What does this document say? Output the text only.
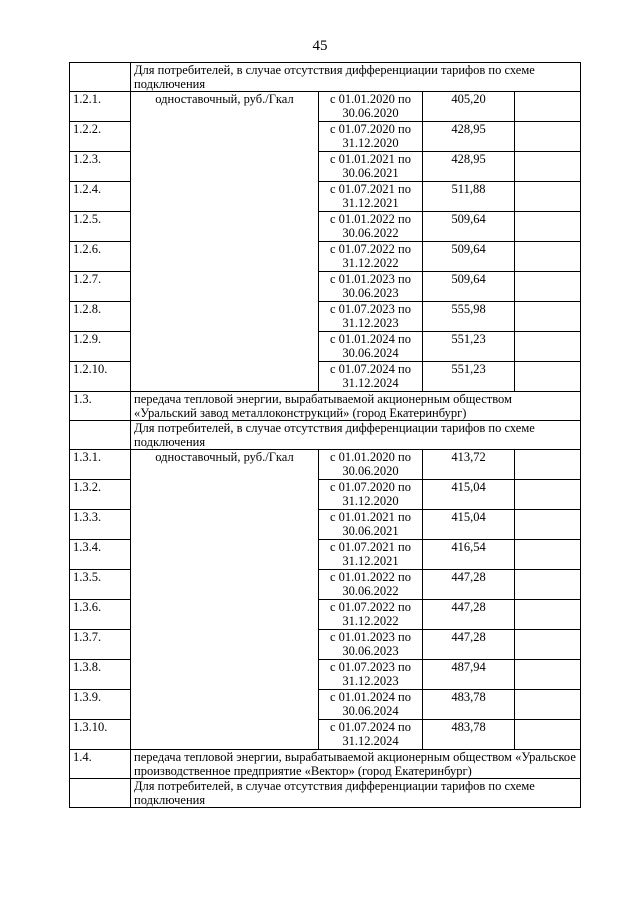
45
	Для потребителей, в случае отсутствия дифференциации тарифов по схеме подключения			
1.2.1.	одноставочный, руб./Гкал	с 01.01.2020 по 30.06.2020	405,20	
1.2.2.		с 01.07.2020 по 31.12.2020	428,95	
1.2.3.		с 01.01.2021 по 30.06.2021	428,95	
1.2.4.		с 01.07.2021 по 31.12.2021	511,88	
1.2.5.		с 01.01.2022 по 30.06.2022	509,64	
1.2.6.		с 01.07.2022 по 31.12.2022	509,64	
1.2.7.		с 01.01.2023 по 30.06.2023	509,64	
1.2.8.		с 01.07.2023 по 31.12.2023	555,98	
1.2.9.		с 01.01.2024 по 30.06.2024	551,23	
1.2.10.		с 01.07.2024 по 31.12.2024	551,23	
1.3.	передача тепловой энергии, вырабатываемой акционерным обществом «Уральский завод металлоконструкций» (город Екатеринбург)			
	Для потребителей, в случае отсутствия дифференциации тарифов по схеме подключения			
1.3.1.	одноставочный, руб./Гкал	с 01.01.2020 по 30.06.2020	413,72	
1.3.2.		с 01.07.2020 по 31.12.2020	415,04	
1.3.3.		с 01.01.2021 по 30.06.2021	415,04	
1.3.4.		с 01.07.2021 по 31.12.2021	416,54	
1.3.5.		с 01.01.2022 по 30.06.2022	447,28	
1.3.6.		с 01.07.2022 по 31.12.2022	447,28	
1.3.7.		с 01.01.2023 по 30.06.2023	447,28	
1.3.8.		с 01.07.2023 по 31.12.2023	487,94	
1.3.9.		с 01.01.2024 по 30.06.2024	483,78	
1.3.10.		с 01.07.2024 по 31.12.2024	483,78	
1.4.	передача тепловой энергии, вырабатываемой акционерным обществом «Уральское производственное предприятие «Вектор» (город Екатеринбург)			
	Для потребителей, в случае отсутствия дифференциации тарифов по схеме подключения			
